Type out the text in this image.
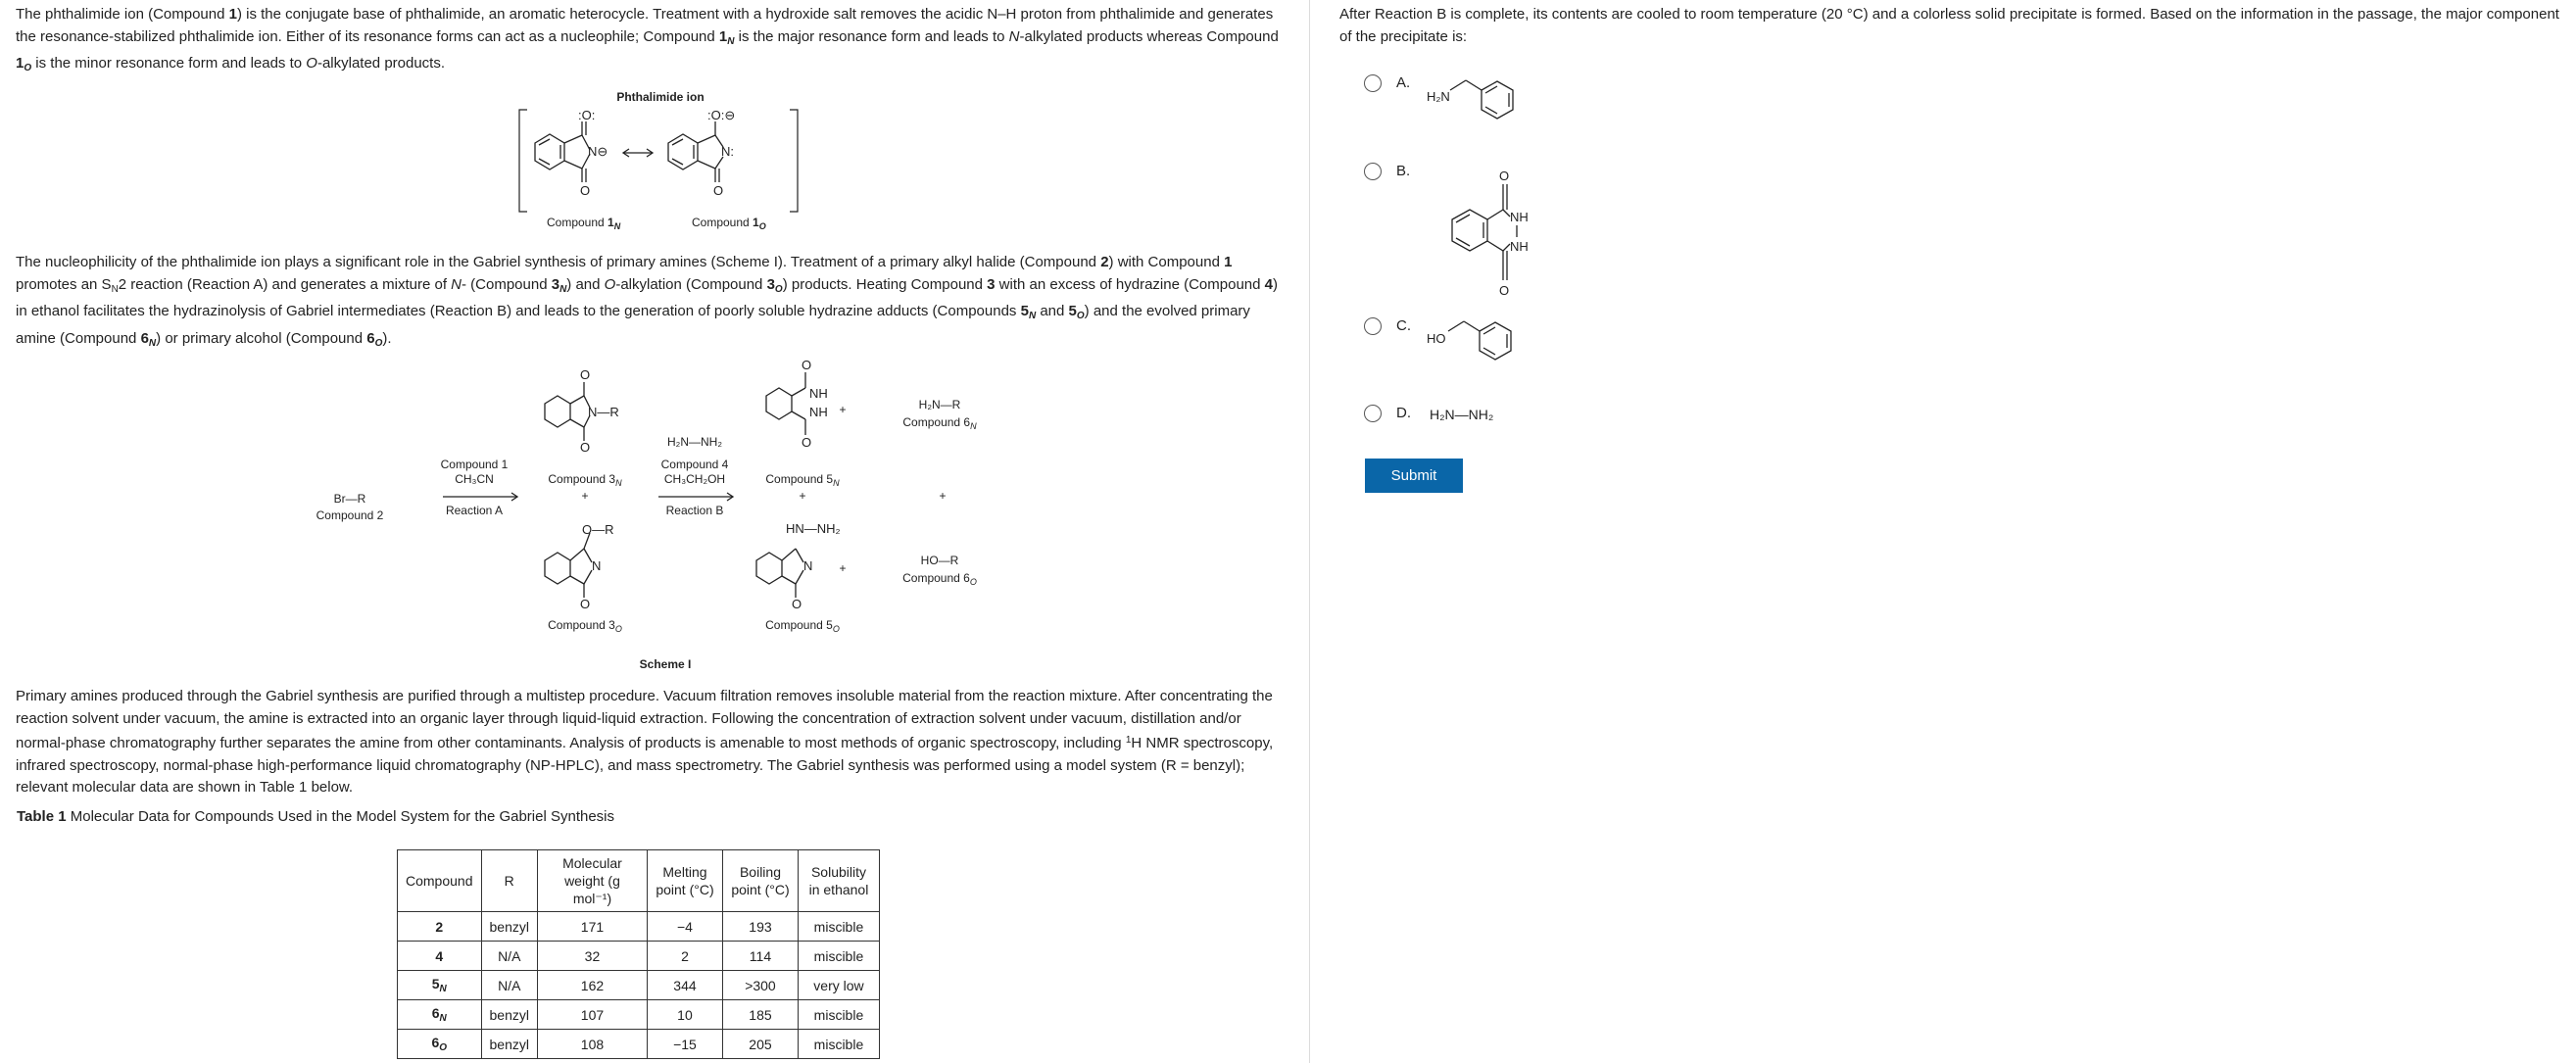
The phthalimide ion (Compound 1) is the conjugate base of phthalimide, an aromatic heterocycle. Treatment with a hydroxide salt removes the acidic N–H proton from phthalimide and generates the resonance-stabilized phthalimide ion. Either of its resonance forms can act as a nucleophile; Compound $1_N$ is the major resonance form and leads to N-alkylated products whereas Compound $1_O$ is the minor resonance form and leads to O-alkylated products.

Phthalimide ion
:O:
O
N⊖
:O:⊖
O
N:
Compound $1_N$	Compound $1_O$

The nucleophilicity of the phthalimide ion plays a significant role in the Gabriel synthesis of primary amines (Scheme I). Treatment of a primary alkyl halide (Compound 2) with Compound 1 promotes an $S_N2$ reaction (Reaction A) and generates a mixture of N- (Compound $3_N$) and O-alkylation (Compound $3_O$) products. Heating Compound 3 with an excess of hydrazine (Compound 4) in ethanol facilitates the hydrazinolysis of Gabriel intermediates (Reaction B) and leads to the generation of poorly soluble hydrazine adducts (Compounds $5_N$ and $5_O$) and the evolved primary amine (Compound $6_N$) or primary alcohol (Compound $6_O$).

Br—R
Compound 2
Compound 1
CH₃CN
Reaction A
O
O
N—R
Compound $3_N$
+
O—R
N
O
Compound $3_O$
H₂N—NH₂
Compound 4
CH₃CH₂OH
Reaction B
O
NH
NH
O
Compound $5_N$
+
HN—NH₂
N
O
Compound $5_O$
+	H₂N—R
Compound $6_N$
+
+
HO—R
Compound $6_O$
Scheme I

Primary amines produced through the Gabriel synthesis are purified through a multistep procedure. Vacuum filtration removes insoluble material from the reaction mixture. After concentrating the reaction solvent under vacuum, the amine is extracted into an organic layer through liquid-liquid extraction. Following the concentration of extraction solvent under vacuum, distillation and/or normal-phase chromatography further separates the amine from other contaminants. Analysis of products is amenable to most methods of organic spectroscopy, including $^1$H NMR spectroscopy, infrared spectroscopy, normal-phase high-performance liquid chromatography (NP-HPLC), and mass spectrometry. The Gabriel synthesis was performed using a model system (R = benzyl); relevant molecular data are shown in Table 1 below.

Table 1 Molecular Data for Compounds Used in the Model System for the Gabriel Synthesis
Compound	R	Molecular weight (g mol⁻¹)	Melting point (°C)	Boiling point (°C)	Solubility in ethanol
2	benzyl	171	−4	193	miscible
4	N/A	32	2	114	miscible
$5_N$	N/A	162	344	>300	very low
$6_N$	benzyl	107	10	185	miscible
$6_O$	benzyl	108	−15	205	miscible

After Reaction B is complete, its contents are cooled to room temperature (20 °C) and a colorless solid precipitate is formed. Based on the information in the passage, the major component of the precipitate is:

A.
H₂N
B.	O
NH
NH
O
C.
HO
D. H₂N—NH₂
Submit
